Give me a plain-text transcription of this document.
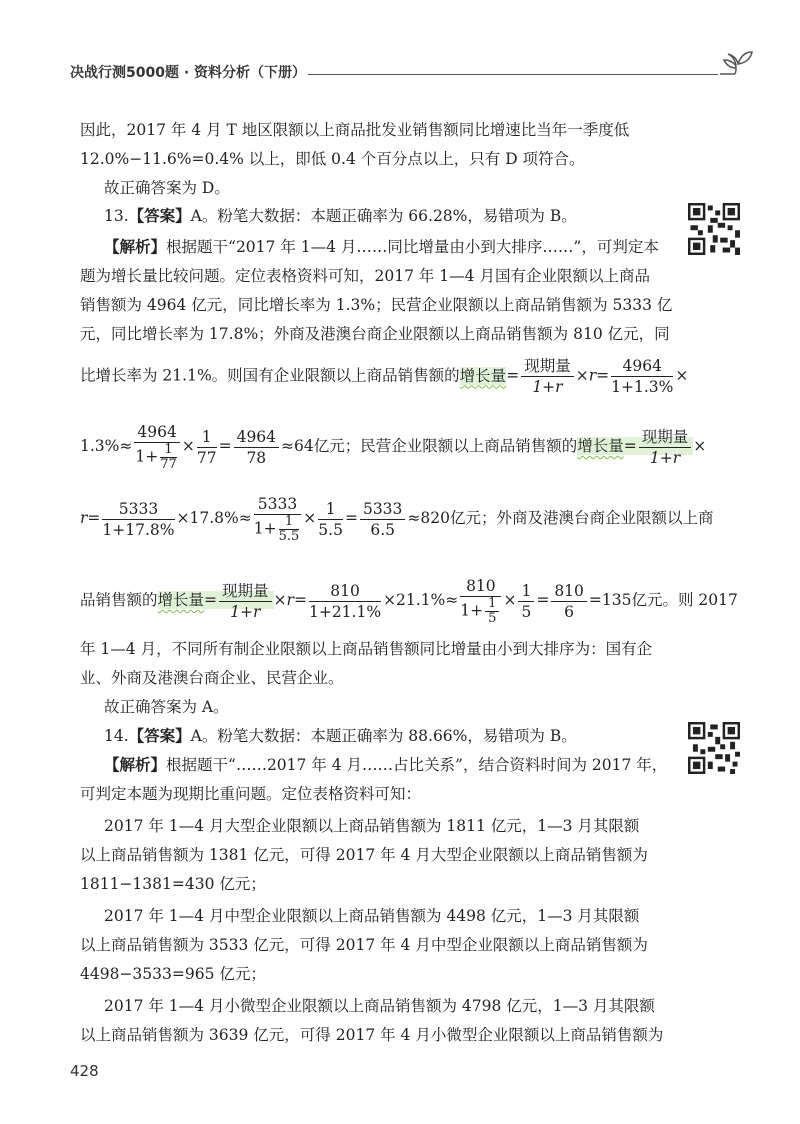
决战行测5000题 · 资料分析（下册）
因此，2017 年 4 月 T 地区限额以上商品批发业销售额同比增速比当年一季度低
12.0%−11.6%=0.4% 以上，即低 0.4 个百分点以上，只有 D 项符合。
故正确答案为 D。
13.【答案】A。粉笔大数据：本题正确率为 66.28%，易错项为 B。
【解析】根据题干“2017 年 1—4 月……同比增量由小到大排序……”，可判定本
题为增长量比较问题。定位表格资料可知，2017 年 1—4 月国有企业限额以上商品
销售额为 4964 亿元，同比增长率为 1.3%；民营企业限额以上商品销售额为 5333 亿
元，同比增长率为 17.8%；外商及港澳台商企业限额以上商品销售额为 810 亿元，同
比增长率为 21.1%。则国有企业限额以上商品销售额的增长量= $\frac{\text{现期量}}{1+r} \times r= \frac{4964}{1+1.3\%}$ ×
$1.3\%\approx \frac{4964}{1+ \frac{1}{77}} \times \frac{1}{77} = \frac{4964}{78} \approx 64$亿元；民营企业限额以上商品销售额的增长量= $\frac{\text{现期量}}{1+r}$ ×
$r= \frac{5333}{1+17.8\%} \times 17.8\%\approx \frac{5333}{1+ \frac{1}{5.5}} \times \frac{1}{5.5} = \frac{5333}{6.5} \approx 820$亿元；外商及港澳台商企业限额以上商
品销售额的增长量= $\frac{\text{现期量}}{1+r} \times r= \frac{810}{1+21.1\%} \times 21.1\%\approx \frac{810}{1+ \frac{1}{5}} \times \frac{1}{5} = \frac{810}{6} =135$亿元。则 2017
年 1—4 月，不同所有制企业限额以上商品销售额同比增量由小到大排序为：国有企
业、外商及港澳台商企业、民营企业。
故正确答案为 A。
14.【答案】A。粉笔大数据：本题正确率为 88.66%，易错项为 B。
【解析】根据题干“……2017 年 4 月……占比关系”，结合资料时间为 2017 年，
可判定本题为现期比重问题。定位表格资料可知：
2017 年 1—4 月大型企业限额以上商品销售额为 1811 亿元，1—3 月其限额
以上商品销售额为 1381 亿元，可得 2017 年 4 月大型企业限额以上商品销售额为
1811−1381=430 亿元；
2017 年 1—4 月中型企业限额以上商品销售额为 4498 亿元，1—3 月其限额
以上商品销售额为 3533 亿元，可得 2017 年 4 月中型企业限额以上商品销售额为
4498−3533=965 亿元；
2017 年 1—4 月小微型企业限额以上商品销售额为 4798 亿元，1—3 月其限额
以上商品销售额为 3639 亿元，可得 2017 年 4 月小微型企业限额以上商品销售额为
428
